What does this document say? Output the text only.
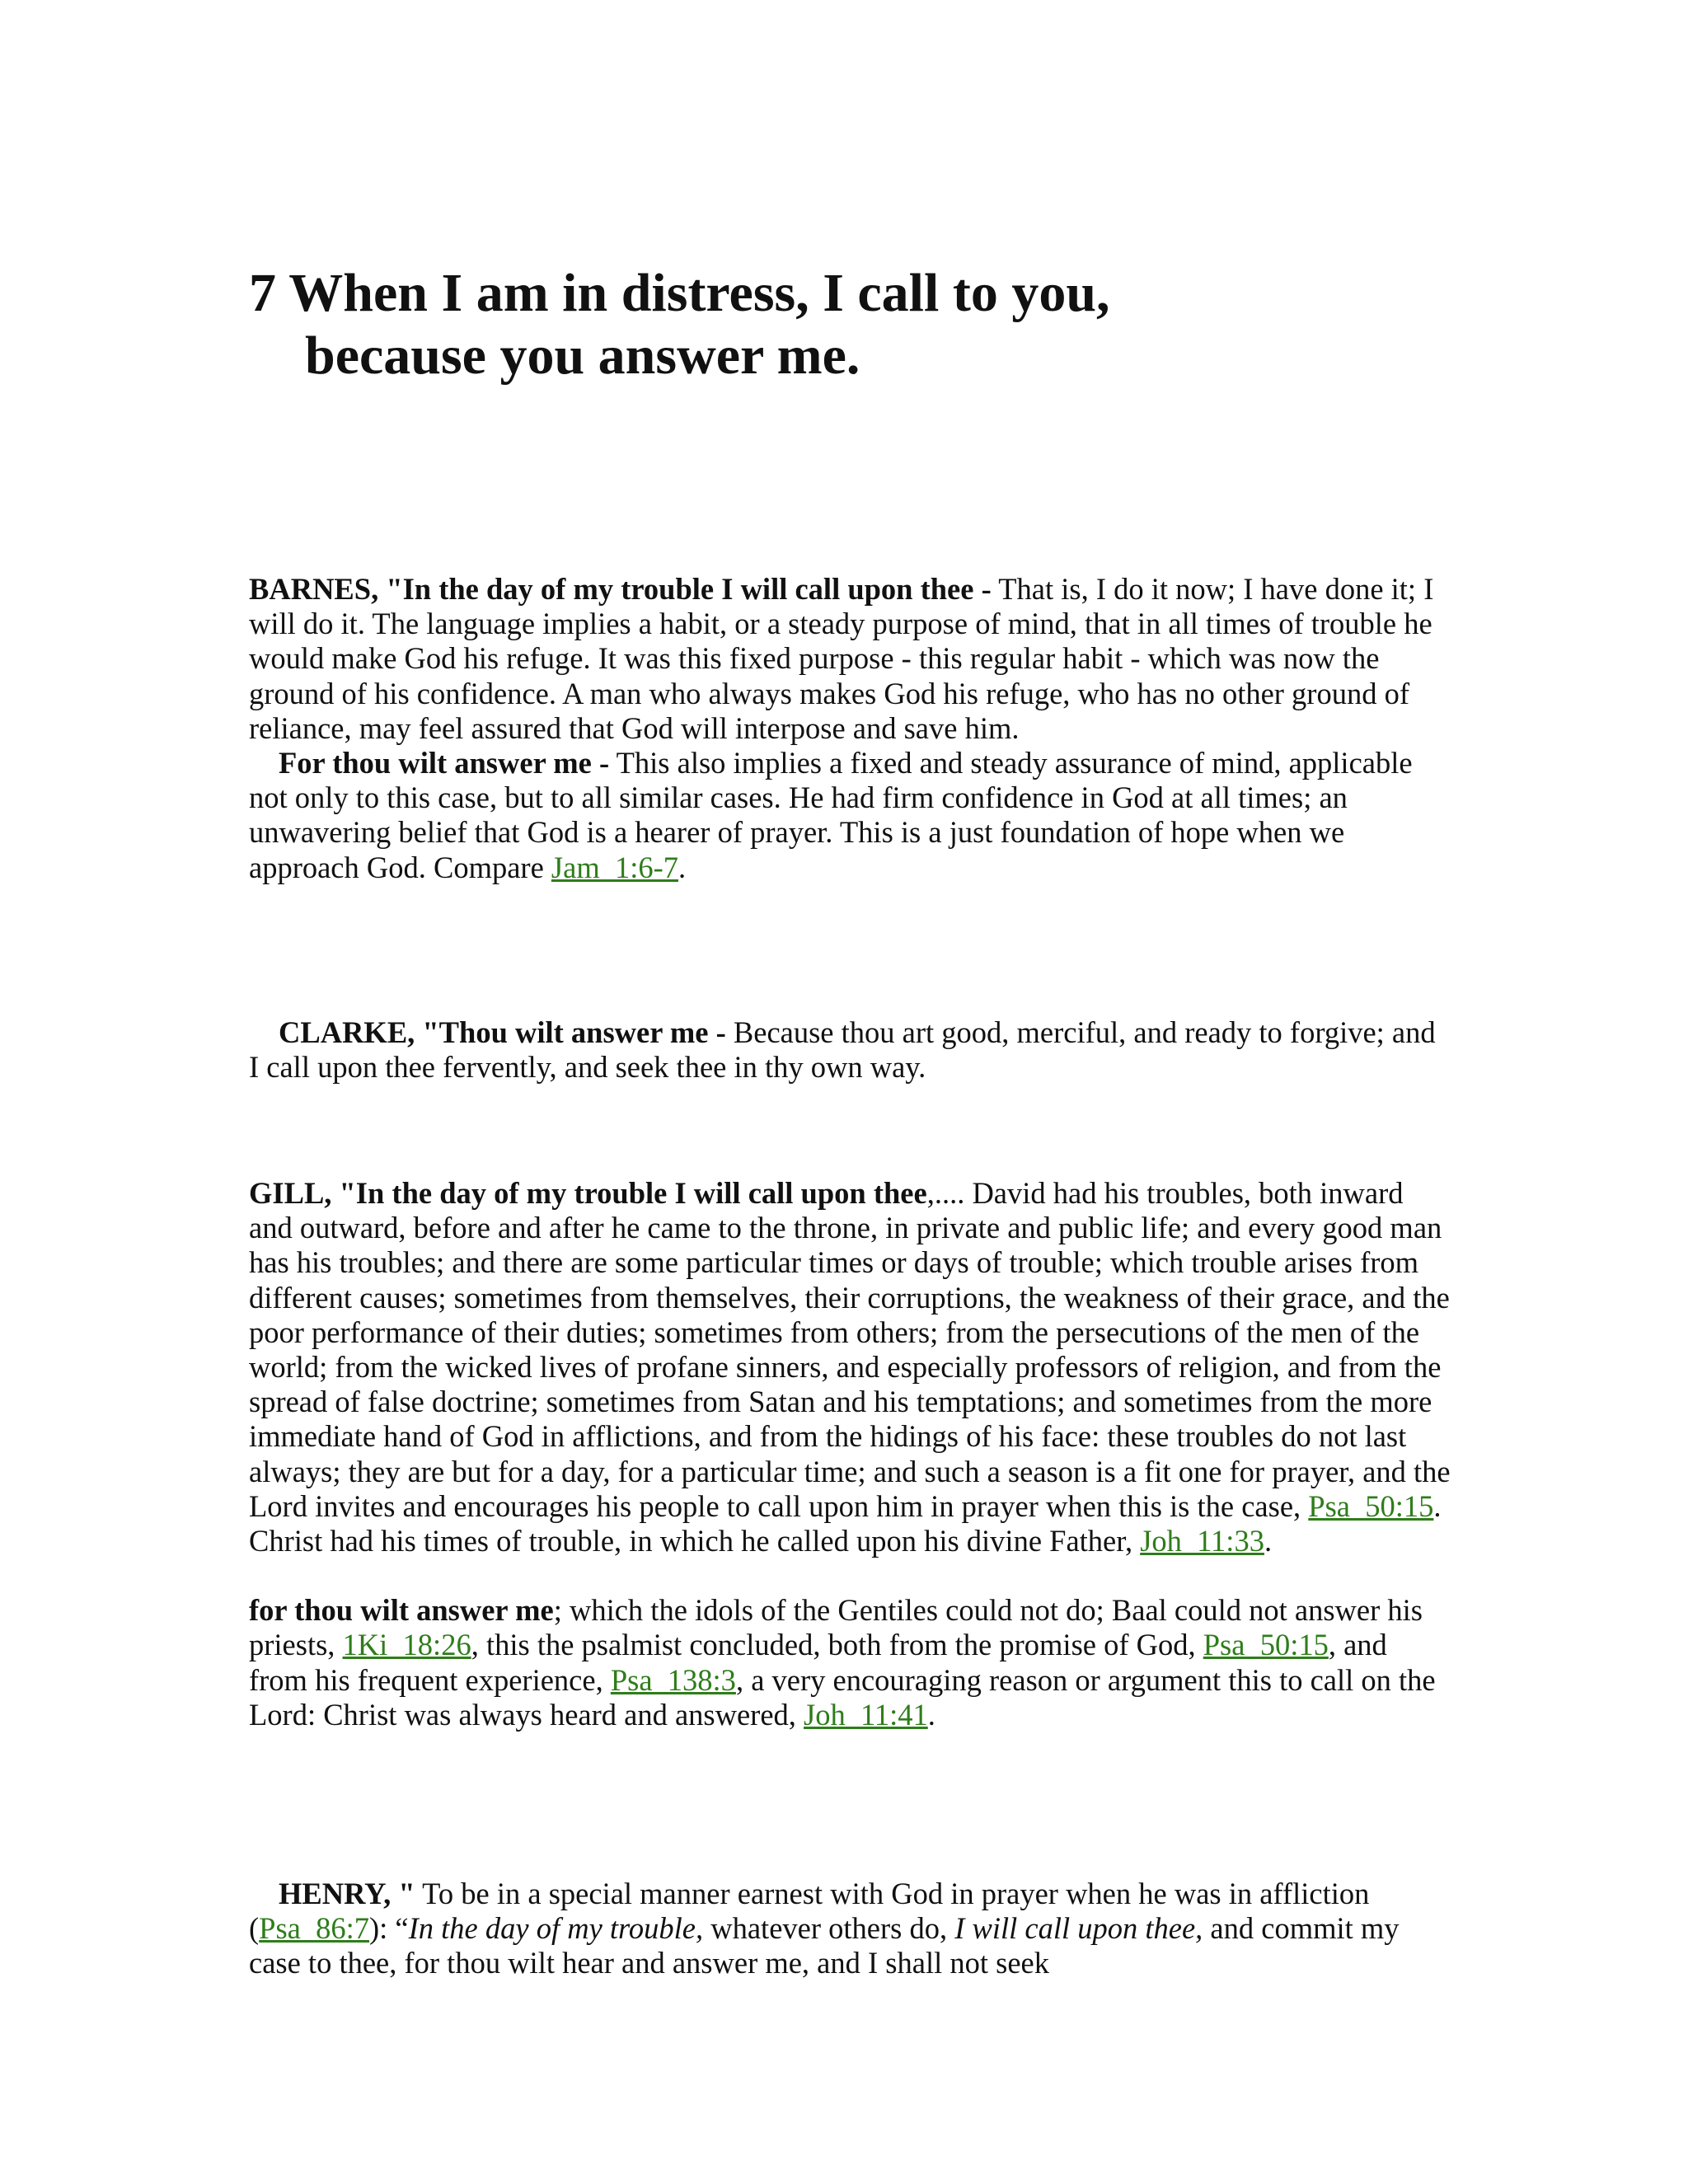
7 When I am in distress, I call to you,
because you answer me.

BARNES, "In the day of my trouble I will call upon thee - That is, I do it now; I have done it; I will do it. The language implies a habit, or a steady purpose of mind, that in all times of trouble he would make God his refuge. It was this fixed purpose - this regular habit - which was now the ground of his confidence. A man who always makes God his refuge, who has no other ground of reliance, may feel assured that God will interpose and save him.

For thou wilt answer me - This also implies a fixed and steady assurance of mind, applicable not only to this case, but to all similar cases. He had firm confidence in God at all times; an unwavering belief that God is a hearer of prayer. This is a just foundation of hope when we approach God. Compare Jam_1:6-7.

CLARKE, "Thou wilt answer me - Because thou art good, merciful, and ready to forgive; and I call upon thee fervently, and seek thee in thy own way.

GILL, "In the day of my trouble I will call upon thee,.... David had his troubles, both inward and outward, before and after he came to the throne, in private and public life; and every good man has his troubles; and there are some particular times or days of trouble; which trouble arises from different causes; sometimes from themselves, their corruptions, the weakness of their grace, and the poor performance of their duties; sometimes from others; from the persecutions of the men of the world; from the wicked lives of profane sinners, and especially professors of religion, and from the spread of false doctrine; sometimes from Satan and his temptations; and sometimes from the more immediate hand of God in afflictions, and from the hidings of his face: these troubles do not last always; they are but for a day, for a particular time; and such a season is a fit one for prayer, and the Lord invites and encourages his people to call upon him in prayer when this is the case, Psa_50:15. Christ had his times of trouble, in which he called upon his divine Father, Joh_11:33.

for thou wilt answer me; which the idols of the Gentiles could not do; Baal could not answer his priests, 1Ki_18:26, this the psalmist concluded, both from the promise of God, Psa_50:15, and from his frequent experience, Psa_138:3, a very encouraging reason or argument this to call on the Lord: Christ was always heard and answered, Joh_11:41.

HENRY, " To be in a special manner earnest with God in prayer when he was in affliction (Psa_86:7): “In the day of my trouble, whatever others do, I will call upon thee, and commit my case to thee, for thou wilt hear and answer me, and I shall not seek
